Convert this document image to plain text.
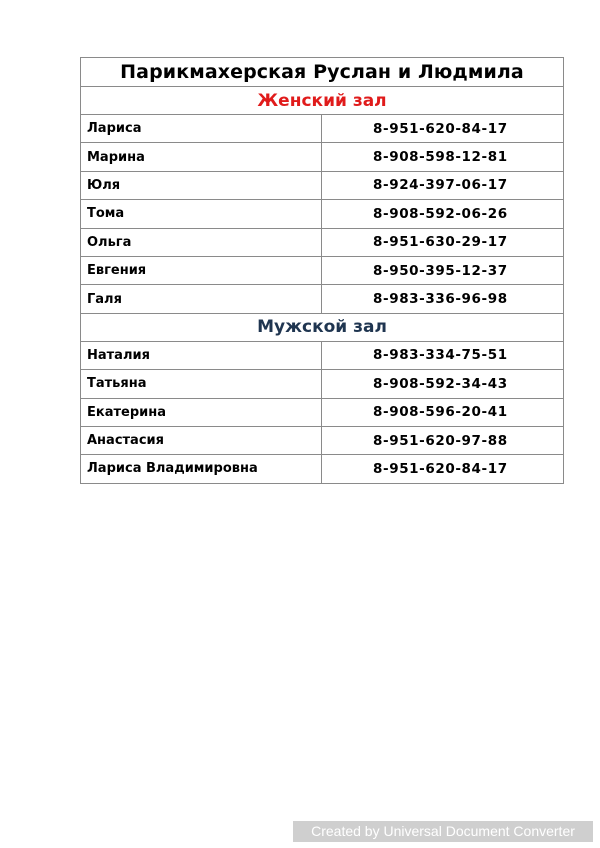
Парикмахерская Руслан и Людмила	
Женский зал	
Лариса	8-951-620-84-17
Марина	8-908-598-12-81
Юля	8-924-397-06-17
Тома	8-908-592-06-26
Ольга	8-951-630-29-17
Евгения	8-950-395-12-37
Галя	8-983-336-96-98
Мужской зал	
Наталия	8-983-334-75-51
Татьяна	8-908-592-34-43
Екатерина	8-908-596-20-41
Анастасия	8-951-620-97-88
Лариса Владимировна	8-951-620-84-17
Created by Universal Document Converter
